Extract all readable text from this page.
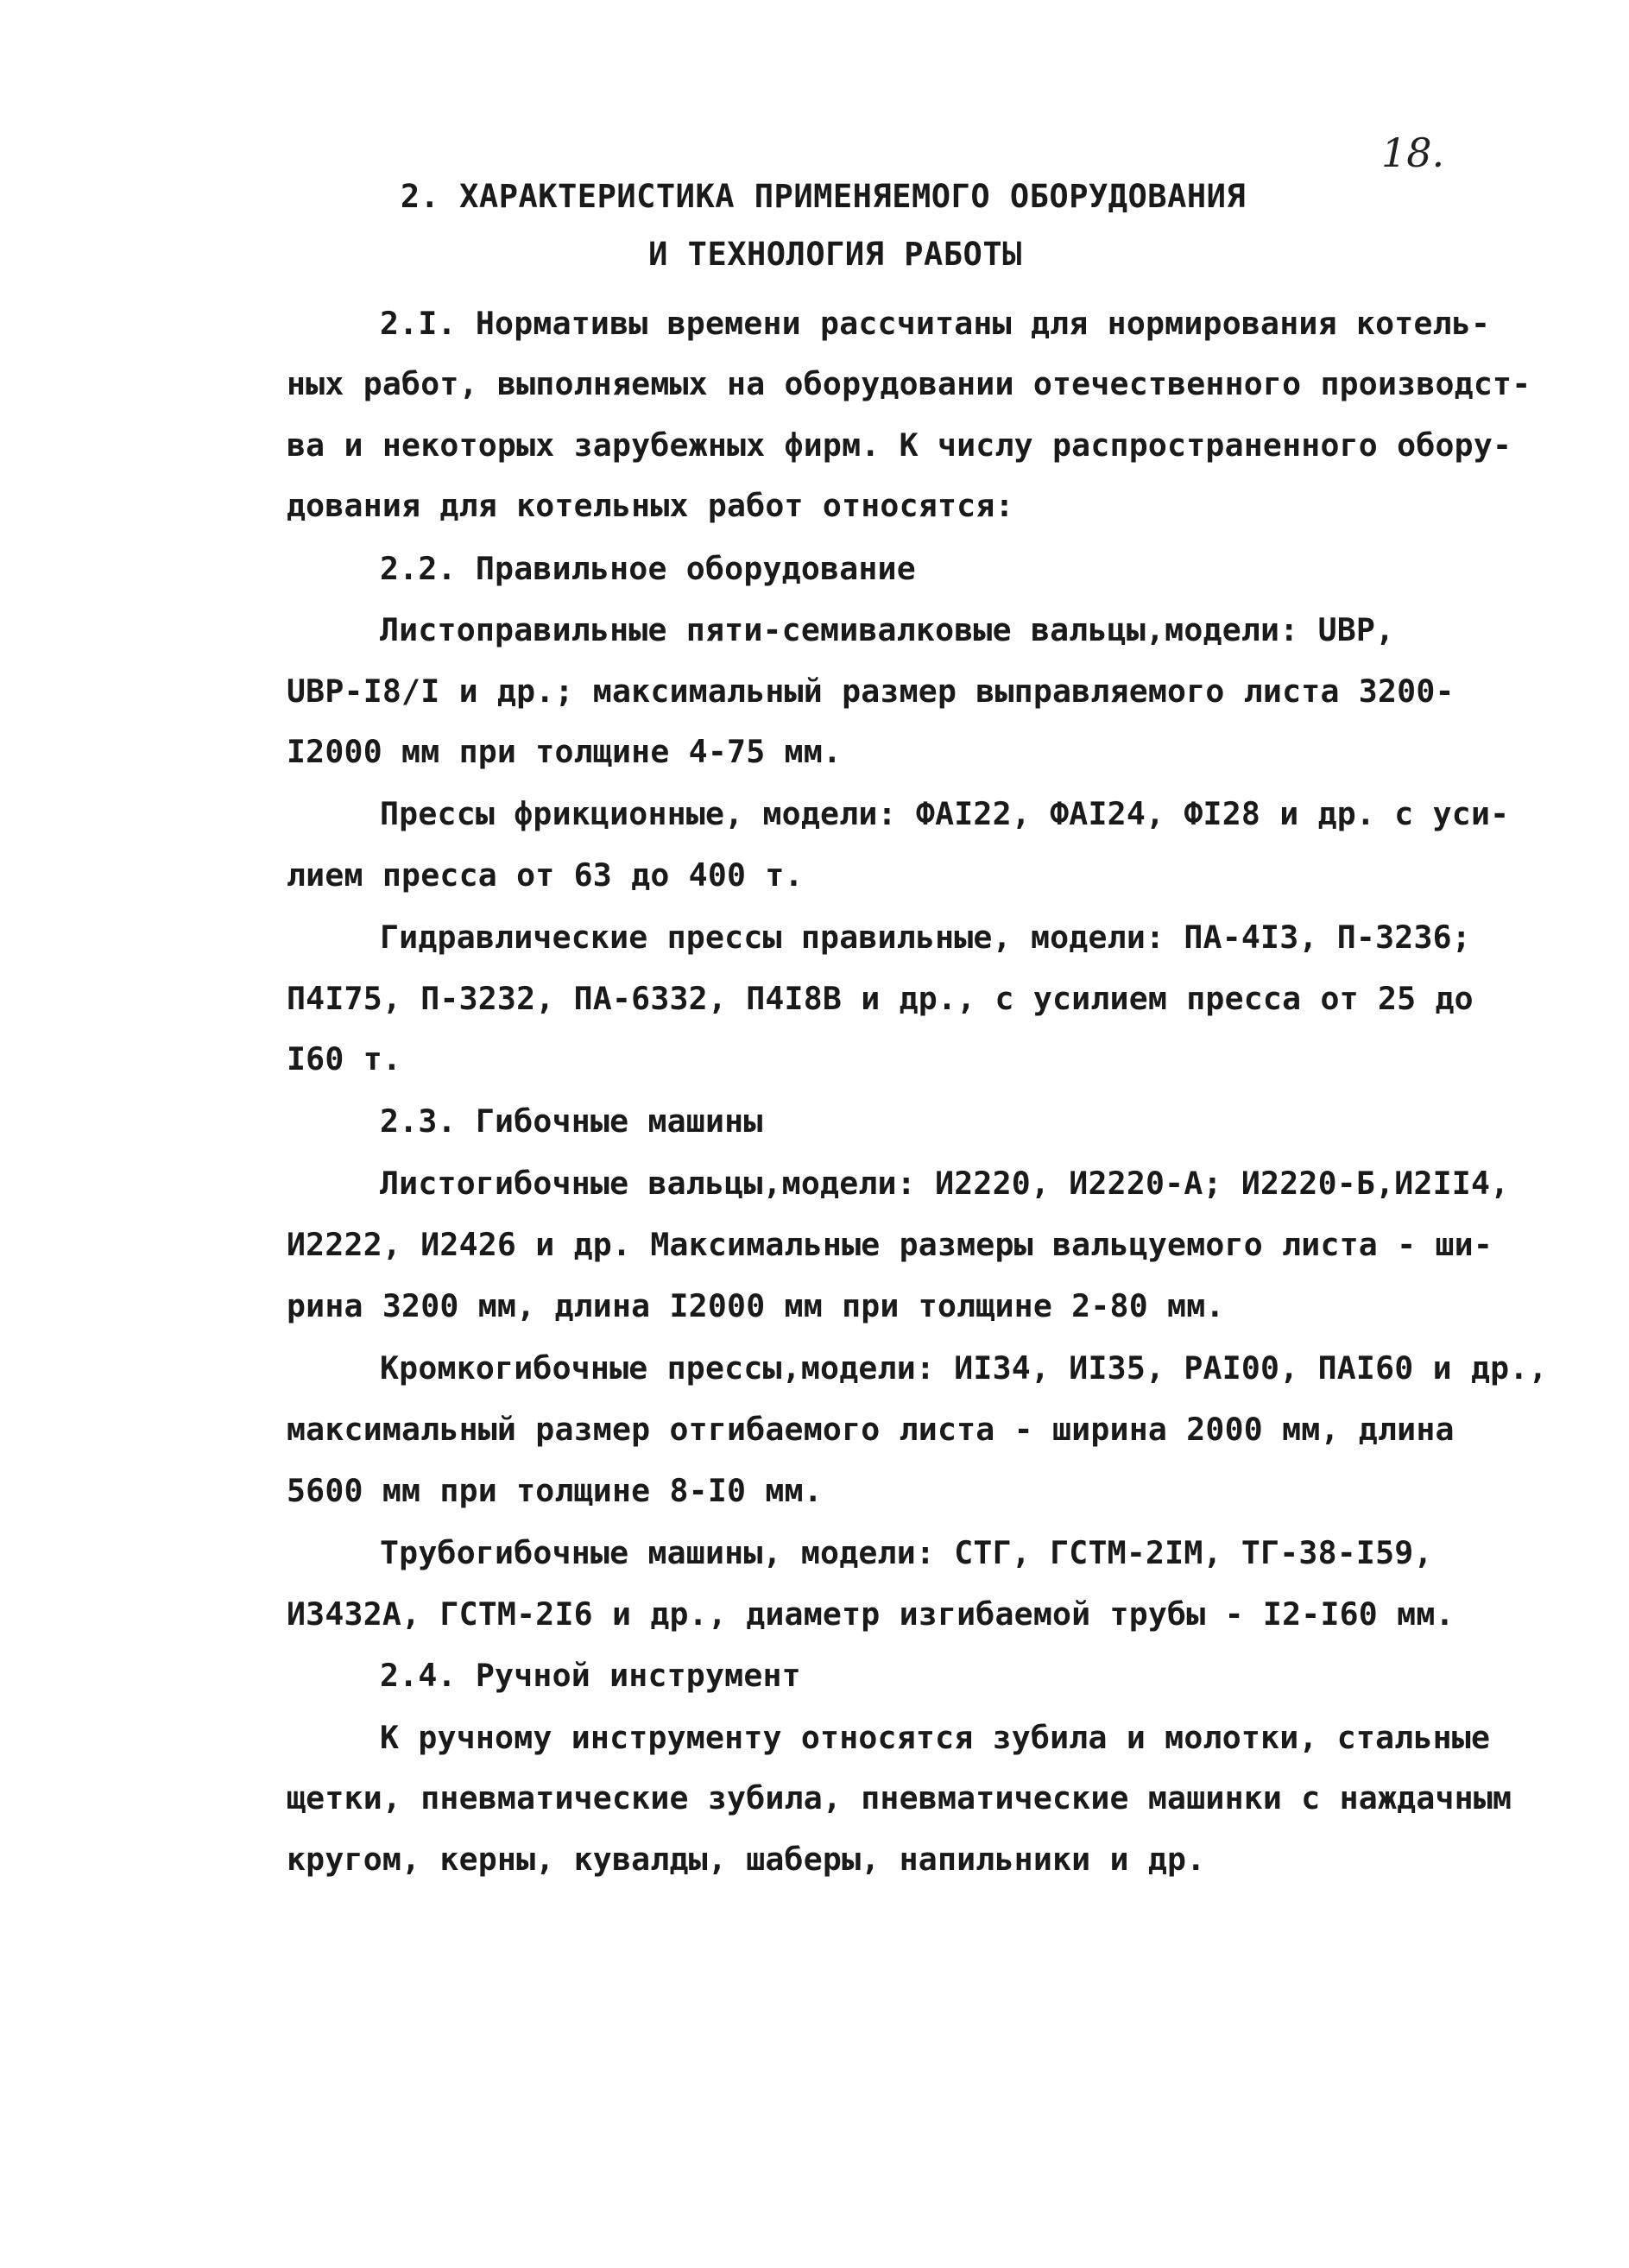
18.
2. ХАРАКТЕРИСТИКА ПРИМЕНЯЕМОГО ОБОРУДОВАНИЯ
И ТЕХНОЛОГИЯ РАБОТЫ
2.I. Нормативы времени рассчитаны для нормирования котель-
ных работ, выполняемых на оборудовании отечественного производст-
ва и некоторых зарубежных фирм. К числу распространенного обору-
дования для котельных работ относятся:
2.2. Правильное оборудование
Листоправильные пяти-семивалковые вальцы,модели: UBP,
UBP-I8/I и др.; максимальный размер выправляемого листа 3200-
I2000 мм при толщине 4-75 мм.
Прессы фрикционные, модели: ФАI22, ФАI24, ФI28 и др. с уси-
лием пресса от 63 до 400 т.
Гидравлические прессы правильные, модели: ПА-4I3, П-3236;
П4I75, П-3232, ПА-6332, П4I8В и др., с усилием пресса от 25 до
I60 т.
2.3. Гибочные машины
Листогибочные вальцы,модели: И2220, И2220-А; И2220-Б,И2II4,
И2222, И2426 и др. Максимальные размеры вальцуемого листа - ши-
рина 3200 мм, длина I2000 мм при толщине 2-80 мм.
Кромкогибочные прессы,модели: ИI34, ИI35, РАI00, ПАI60 и др.,
максимальный размер отгибаемого листа - ширина 2000 мм, длина
5600 мм при толщине 8-I0 мм.
Трубогибочные машины, модели: СТГ, ГСТМ-2IМ, ТГ-38-I59,
И3432А, ГСТМ-2I6 и др., диаметр изгибаемой трубы - I2-I60 мм.
2.4. Ручной инструмент
К ручному инструменту относятся зубила и молотки, стальные
щетки, пневматические зубила, пневматические машинки с наждачным
кругом, керны, кувалды, шаберы, напильники и др.
